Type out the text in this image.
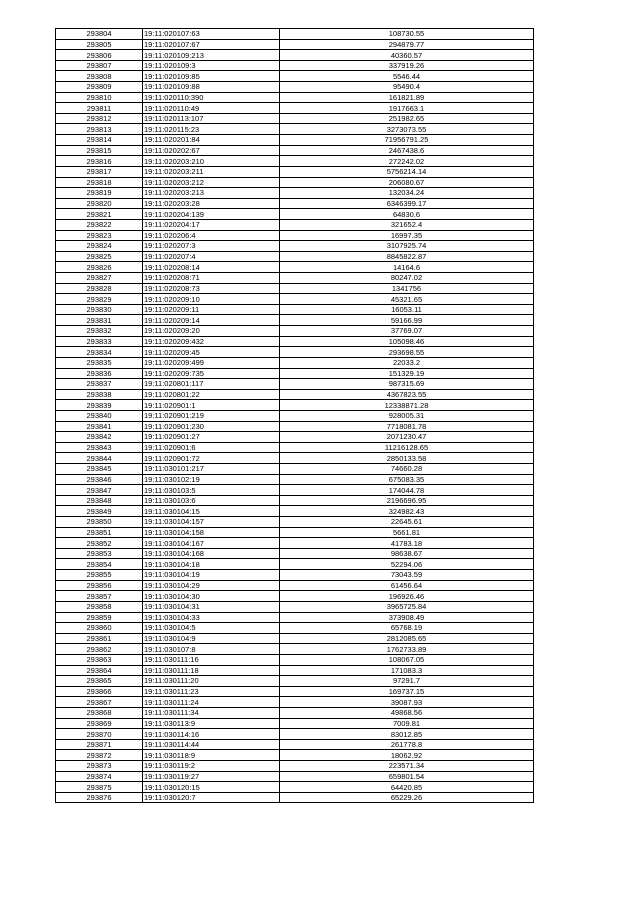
293804	19:11:020107:63	108730.55
293805	19:11:020107:67	294879.77
293806	19:11:020109:213	40360.57
293807	19:11:020109:3	337919.26
293808	19:11:020109:85	5546.44
293809	19:11:020109:88	95490.4
293810	19:11:020110:390	161821.89
293811	19:11:020110:49	1917663.1
293812	19:11:020113:107	251982.65
293813	19:11:020115:23	3273073.55
293814	19:11:020201:84	71956791.25
293815	19:11:020202:67	2467438.6
293816	19:11:020203:210	272242.02
293817	19:11:020203:211	5756214.14
293818	19:11:020203:212	206080.67
293819	19:11:020203:213	132034.24
293820	19:11:020203:28	6346399.17
293821	19:11:020204:139	64830.6
293822	19:11:020204:17	321652.4
293823	19:11:020206:4	16997.35
293824	19:11:020207:3	3107925.74
293825	19:11:020207:4	8845822.87
293826	19:11:020208:14	14164.6
293827	19:11:020208:71	80247.02
293828	19:11:020208:73	1341756
293829	19:11:020209:10	45321.65
293830	19:11:020209:11	16053.11
293831	19:11:020209:14	59166.99
293832	19:11:020209:20	37769.07
293833	19:11:020209:432	105098.46
293834	19:11:020209:45	293698.55
293835	19:11:020209:499	22033.2
293836	19:11:020209:735	151329.19
293837	19:11:020801:117	987315.69
293838	19:11:020801:22	4367823.55
293839	19:11:020901:1	12338871.28
293840	19:11:020901:219	928005.31
293841	19:11:020901:230	7718081.78
293842	19:11:020901:27	2071230.47
293843	19:11:020901:6	11216128.65
293844	19:11:020901:72	2850133.58
293845	19:11:030101:217	74660.28
293846	19:11:030102:19	675083.35
293847	19:11:030103:5	174044.78
293848	19:11:030103:6	2196696.95
293849	19:11:030104:15	324982.43
293850	19:11:030104:157	22645.61
293851	19:11:030104:158	5661.81
293852	19:11:030104:167	41783.18
293853	19:11:030104:168	98638.67
293854	19:11:030104:18	52294.06
293855	19:11:030104:19	73043.59
293856	19:11:030104:29	61456.64
293857	19:11:030104:30	196926.46
293858	19:11:030104:31	3965725.84
293859	19:11:030104:33	373908.49
293860	19:11:030104:5	65768.19
293861	19:11:030104:9	2812085.65
293862	19:11:030107:8	1762733.89
293863	19:11:030111:16	108067.05
293864	19:11:030111:18	171083.3
293865	19:11:030111:20	97291.7
293866	19:11:030111:23	169737.15
293867	19:11:030111:24	39087.93
293868	19:11:030111:34	49868.56
293869	19:11:030113:9	7009.81
293870	19:11:030114:16	83012.85
293871	19:11:030114:44	261778.8
293872	19:11:030118:9	18062.92
293873	19:11:030119:2	223571.34
293874	19:11:030119:27	659801.54
293875	19:11:030120:15	64420.85
293876	19:11:030120:7	65229.26
